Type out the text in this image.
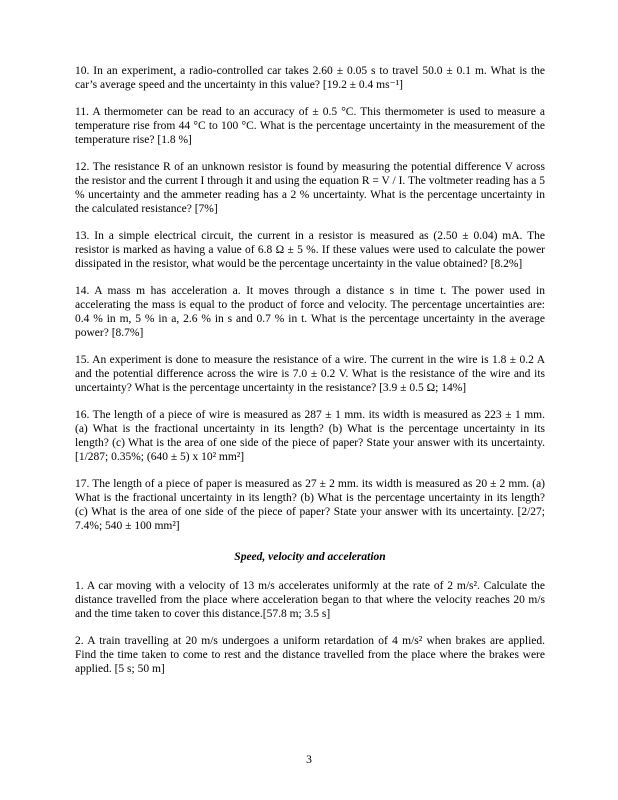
10. In an experiment, a radio-controlled car takes 2.60 ± 0.05 s to travel 50.0 ± 0.1 m. What is the car’s average speed and the uncertainty in this value? [19.2 ± 0.4 ms⁻¹]

11. A thermometer can be read to an accuracy of ± 0.5 °C. This thermometer is used to measure a temperature rise from 44 °C to 100 °C. What is the percentage uncertainty in the measurement of the temperature rise? [1.8 %]

12. The resistance R of an unknown resistor is found by measuring the potential difference V across the resistor and the current I through it and using the equation R = V / I. The voltmeter reading has a 5 % uncertainty and the ammeter reading has a 2 % uncertainty. What is the percentage uncertainty in the calculated resistance? [7%]

13. In a simple electrical circuit, the current in a resistor is measured as (2.50 ± 0.04) mA. The resistor is marked as having a value of 6.8 Ω ± 5 %. If these values were used to calculate the power dissipated in the resistor, what would be the percentage uncertainty in the value obtained? [8.2%]

14. A mass m has acceleration a. It moves through a distance s in time t. The power used in accelerating the mass is equal to the product of force and velocity. The percentage uncertainties are: 0.4 % in m, 5 % in a, 2.6 % in s and 0.7 % in t. What is the percentage uncertainty in the average power? [8.7%]

15. An experiment is done to measure the resistance of a wire. The current in the wire is 1.8 ± 0.2 A and the potential difference across the wire is 7.0 ± 0.2 V. What is the resistance of the wire and its uncertainty? What is the percentage uncertainty in the resistance? [3.9 ± 0.5 Ω; 14%]

16. The length of a piece of wire is measured as 287 ± 1 mm. its width is measured as 223 ± 1 mm. (a) What is the fractional uncertainty in its length? (b) What is the percentage uncertainty in its length? (c) What is the area of one side of the piece of paper? State your answer with its uncertainty. [1/287; 0.35%; (640 ± 5) x 10² mm²]

17. The length of a piece of paper is measured as 27 ± 2 mm. its width is measured as 20 ± 2 mm. (a) What is the fractional uncertainty in its length? (b) What is the percentage uncertainty in its length? (c) What is the area of one side of the piece of paper? State your answer with its uncertainty. [2/27; 7.4%; 540 ± 100 mm²]

Speed, velocity and acceleration

1. A car moving with a velocity of 13 m/s accelerates uniformly at the rate of 2 m/s². Calculate the distance travelled from the place where acceleration began to that where the velocity reaches 20 m/s and the time taken to cover this distance.[57.8 m; 3.5 s]

2. A train travelling at 20 m/s undergoes a uniform retardation of 4 m/s² when brakes are applied. Find the time taken to come to rest and the distance travelled from the place where the brakes were applied. [5 s; 50 m]

3
